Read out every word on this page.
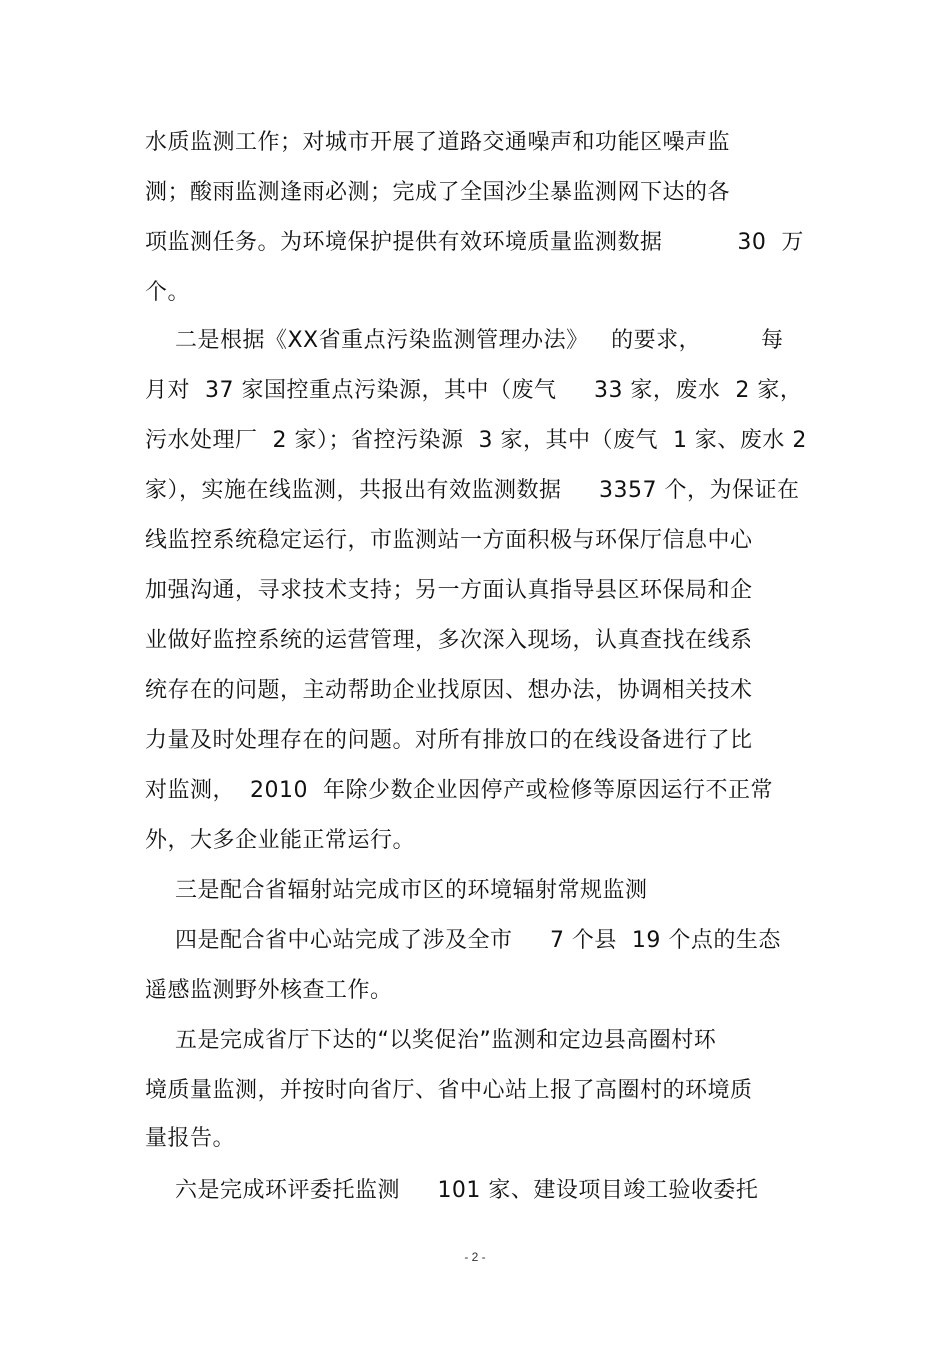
水质监测工作；对城市开展了道路交通噪声和功能区噪声监
测；酸雨监测逢雨必测；完成了全国沙尘暴监测网下达的各
项监测任务。为环境保护提供有效环境质量监测数据          30  万
个。
二是根据《XX省重点污染监测管理办法》   的要求，        每
月对  37 家国控重点污染源，其中（废气     33 家，废水  2 家，
污水处理厂  2 家）；省控污染源  3 家，其中（废气  1 家、废水 2
家），实施在线监测，共报出有效监测数据     3357 个，为保证在
线监控系统稳定运行，市监测站一方面积极与环保厅信息中心
加强沟通，寻求技术支持；另一方面认真指导县区环保局和企
业做好监控系统的运营管理，多次深入现场，认真查找在线系
统存在的问题，主动帮助企业找原因、想办法，协调相关技术
力量及时处理存在的问题。对所有排放口的在线设备进行了比
对监测，  2010  年除少数企业因停产或检修等原因运行不正常
外，大多企业能正常运行。
三是配合省辐射站完成市区的环境辐射常规监测
四是配合省中心站完成了涉及全市     7 个县  19 个点的生态
遥感监测野外核查工作。
五是完成省厅下达的“以奖促治”监测和定边县高圈村环
境质量监测，并按时向省厅、省中心站上报了高圈村的环境质
量报告。
六是完成环评委托监测     101 家、建设项目竣工验收委托
- 2 -
